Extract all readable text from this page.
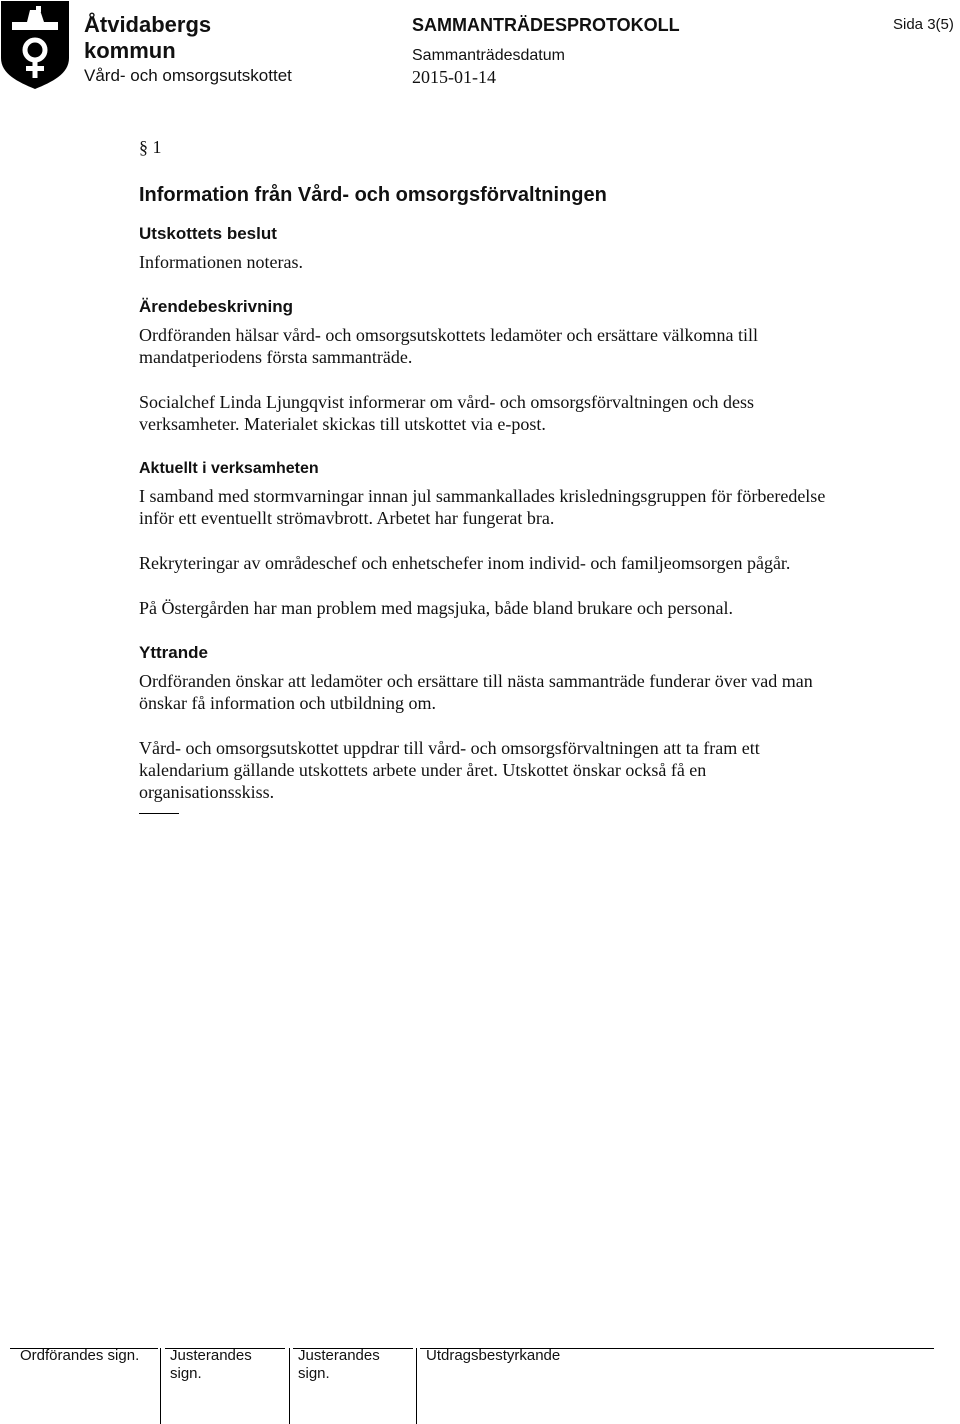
Åtvidabergs
kommun
Vård- och omsorgsutskottet
SAMMANTRÄDESPROTOKOLL
Sammanträdesdatum
2015-01-14
Sida 3(5)

§ 1

Information från Vård- och omsorgsförvaltningen

Utskottets beslut

Informationen noteras.

Ärendebeskrivning

Ordföranden hälsar vård- och omsorgsutskottets ledamöter och ersättare välkomna till mandatperiodens första sammanträde.

Socialchef Linda Ljungqvist informerar om vård- och omsorgsförvaltningen och dess verksamheter. Materialet skickas till utskottet via e-post.

Aktuellt i verksamheten

I samband med stormvarningar innan jul sammankallades krisledningsgruppen för förberedelse inför ett eventuellt strömavbrott. Arbetet har fungerat bra.

Rekryteringar av områdeschef och enhetschefer inom individ- och familjeomsorgen pågår.

På Östergården har man problem med magsjuka, både bland brukare och personal.

Yttrande

Ordföranden önskar att ledamöter och ersättare till nästa sammanträde funderar över vad man önskar få information och utbildning om.

Vård- och omsorgsutskottet uppdrar till vård- och omsorgsförvaltningen att ta fram ett kalendarium gällande utskottets arbete under året. Utskottet önskar också få en organisationsskiss.

Ordförandes sign.	Justerandes sign.
Justerandes sign.
Utdragsbestyrkande
